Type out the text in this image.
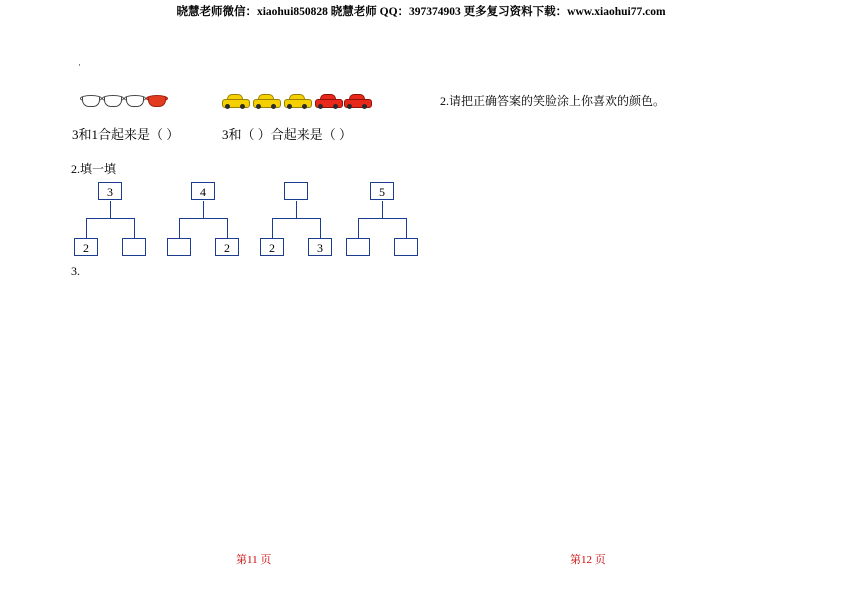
晓慧老师微信：xiaohui850828 晓慧老师 QQ：397374903 更多复习资料下载：www.xiaohui77.com
·
3和1合起来是（ ）	3和（ ）合起来是（ ）
2.填一填
3
2
4
2	2	3
5
3.
2.请把正确答案的笑脸涂上你喜欢的颜色。
第11 页	第12 页
